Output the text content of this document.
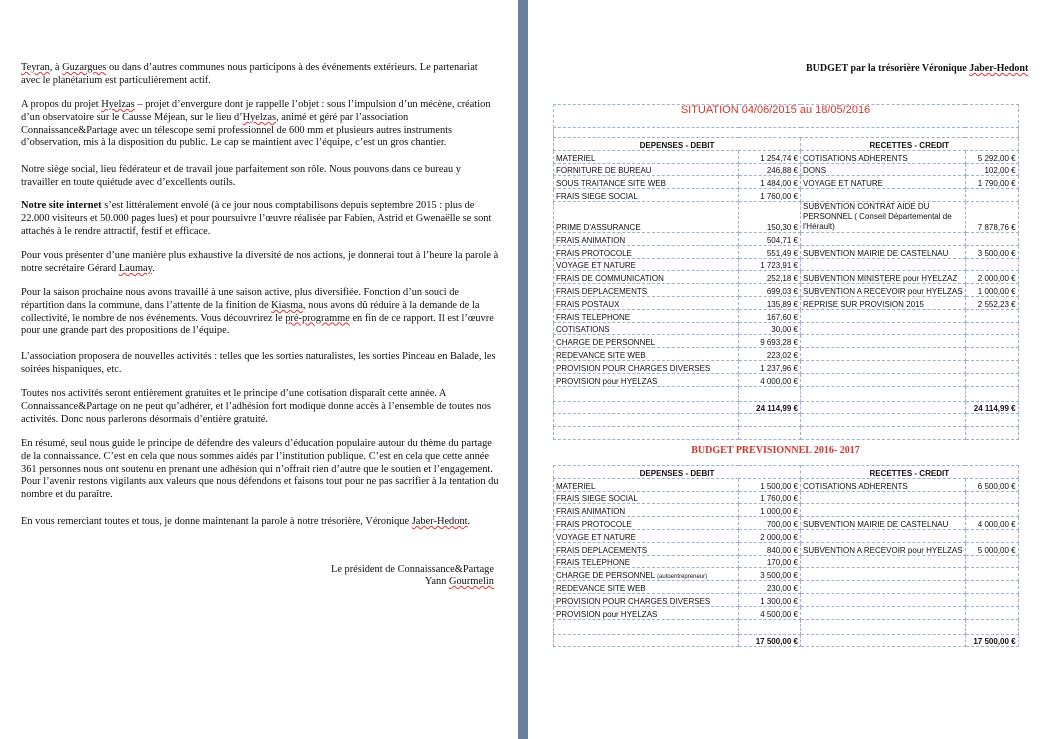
Teyran, à Guzargues ou dans d’autres communes nous participons à des événements extérieurs. Le partenariat avec le planétarium est particulièrement actif.

A propos du projet Hyelzas – projet d’envergure dont je rappelle l’objet : sous l’impulsion d’un mécène, création d’un observatoire sur le Causse Méjean, sur le lieu d’Hyelzas, animé et géré par l’association Connaissance&Partage avec un télescope semi professionnel de 600 mm et plusieurs autres instruments d’observation, mis à la disposition du public. Le cap se maintient avec l’équipe, c’est un gros chantier.

Notre siège social, lieu fédérateur et de travail joue parfaitement son rôle. Nous pouvons dans ce bureau y travailler en toute quiétude avec d’excellents outils.

Notre site internet s’est littéralement envolé (à ce jour nous comptabilisons depuis septembre 2015 : plus de 22.000 visiteurs et 50.000 pages lues) et pour poursuivre l’œuvre réalisée par Fabien, Astrid et Gwenaëlle se sont attachés à le rendre attractif, festif et efficace.

Pour vous présenter d’une manière plus exhaustive la diversité de nos actions, je donnerai tout à l’heure la parole à notre secrétaire Gérard Laumay.

Pour la saison prochaine nous avons travaillé à une saison active, plus diversifiée. Fonction d’un souci de répartition dans la commune, dans l’attente de la finition de Kiasma, nous avons dû réduire à la demande de la collectivité, le nombre de nos événements. Vous découvrirez le pré-programme en fin de ce rapport. Il est l’œuvre pour une grande part des propositions de l’équipe.

L’association proposera de nouvelles activités : telles que les sorties naturalistes, les sorties Pinceau en Balade, les soirées hispaniques, etc.

Toutes nos activités seront entièrement gratuites et le principe d’une cotisation disparaît cette année. A Connaissance&Partage on ne peut qu’adhérer, et l’adhésion fort modique donne accès à l’ensemble de toutes nos activités. Donc nous parlerons désormais d’entière gratuité.

En résumé, seul nous guide le principe de défendre des valeurs d’éducation populaire autour du thème du partage de la connaissance. C’est en cela que nous sommes aidés par l’institution publique. C’est en cela que cette année 361 personnes nous ont soutenu en prenant une adhésion qui n’offrait rien d’autre que le soutien et l’engagement. Pour l’avenir restons vigilants aux valeurs que nous défendons et faisons tout pour ne pas sacrifier à la tentation du nombre et du paraître.

En vous remerciant toutes et tous, je donne maintenant la parole à notre trésorière, Véronique Jaber-Hedont.

Le président de Connaissance&Partage
Yann Gourmelin
BUDGET par la trésorière Véronique Jaber-Hedont

DEPENSES - DEBIT		RECETTES - CREDIT	
MATERIEL	1 254,74 €	COTISATIONS ADHERENTS	5 292,00 €
FORNITURE DE BUREAU	246,88 €	DONS	102,00 €
SOUS TRAITANCE SITE WEB	1 484,00 €	VOYAGE ET NATURE	1 790,00 €
FRAIS SIEGE SOCIAL	1 760,00 €		
PRIME D'ASSURANCE	150,30 €	SUBVENTION CONTRAT AIDE DU PERSONNEL ( Conseil Départemental de l'Hérault)	7 878,76 €
FRAIS ANIMATION	504,71 €		
FRAIS PROTOCOLE	551,49 €	SUBVENTION MAIRIE DE CASTELNAU	3 500,00 €
VOYAGE ET NATURE	1 723,91 €		
FRAIS DE COMMUNICATION	252,18 €	SUBVENTION MINISTERE pour HYELZAZ	2 000,00 €
FRAIS DEPLACEMENTS	699,03 €	SUBVENTION A RECEVOIR pour HYELZAS	1 000,00 €
FRAIS POSTAUX	135,89 €	REPRISE SUR PROVISION 2015	2 552,23 €
FRAIS TELEPHONE	167,60 €		
COTISATIONS	30,00 €		
CHARGE DE PERSONNEL	9 693,28 €		
REDEVANCE SITE WEB	223,02 €		
PROVISION POUR CHARGES DIVERSES	1 237,96 €		
PROVISION pour HYELZAS	4 000,00 €		

	24 114,99 €		24 114,99 €

SITUATION 04/06/2015 au 18/05/2016
BUDGET PREVISIONNEL 2016- 2017
DEPENSES - DEBIT		RECETTES - CREDIT	
MATERIEL	1 500,00 €	COTISATIONS ADHERENTS	6 500,00 €
FRAIS SIEGE SOCIAL	1 760,00 €		
FRAIS ANIMATION	1 000,00 €		
FRAIS PROTOCOLE	700,00 €	SUBVENTION MAIRIE DE CASTELNAU	4 000,00 €
VOYAGE ET NATURE	2 000,00 €		
FRAIS DEPLACEMENTS	840,00 €	SUBVENTION A RECEVOIR pour HYELZAS	5 000,00 €
FRAIS TELEPHONE	170,00 €		
CHARGE DE PERSONNEL (autoentrepreneur)	3 500,00 €		
REDEVANCE SITE WEB	230,00 €		
PROVISION POUR CHARGES DIVERSES	1 300,00 €		
PROVISION pour HYELZAS	4 500,00 €		

	17 500,00 €		17 500,00 €
